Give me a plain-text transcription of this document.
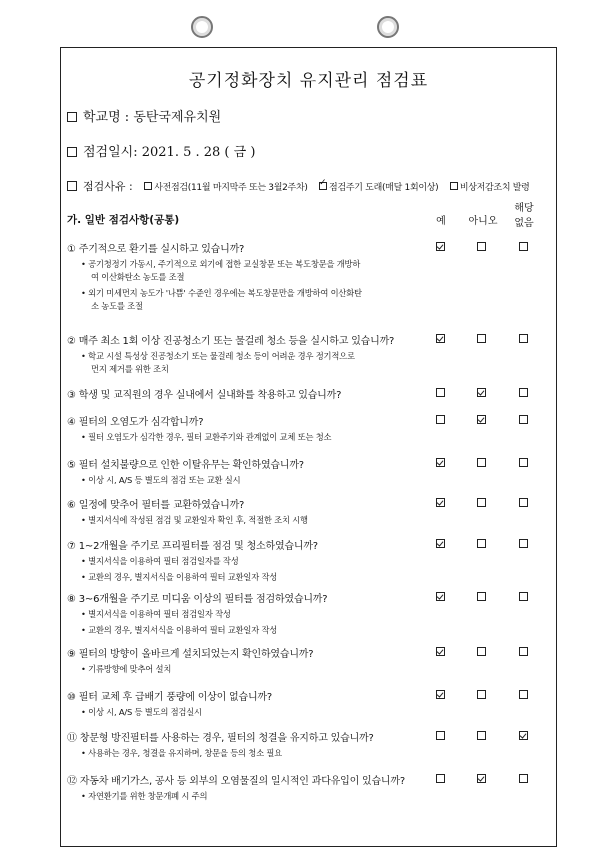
공기정화장치 유지관리 점검표
학교명 : 동탄국제유치원
점검일시: 2021. 5 . 28 ( 금 )
점검사유 : 사전점검(11월 마지막주 또는 3월2주차) ✓ 점검주기 도래(매달 1회이상) 비상저감조치 발령
가. 일반 점검사항(공통)	예	아니오
해당
없음
① 주기적으로 환기를 실시하고 있습니까?
• 공기청정기 가동시, 주기적으로 외기에 접한 교실창문 또는 복도창문을 개방하
여 이산화탄소 농도를 조절
• 외기 미세먼지 농도가 '나쁨' 수준인 경우에는 복도창문만을 개방하여 이산화탄
소 농도를 조절
② 매주 최소 1회 이상 진공청소기 또는 물걸레 청소 등을 실시하고 있습니까?
• 학교 시설 특성상 진공청소기 또는 물걸레 청소 등이 어려운 경우 정기적으로
먼지 제거를 위한 조치
③ 학생 및 교직원의 경우 실내에서 실내화를 착용하고 있습니까?
④ 필터의 오염도가 심각합니까?
• 필터 오염도가 심각한 경우, 필터 교환주기와 관계없이 교체 또는 청소
⑤ 필터 설치불량으로 인한 이탈유무는 확인하였습니까?
• 이상 시, A/S 등 별도의 점검 또는 교환 실시
⑥ 일정에 맞추어 필터를 교환하였습니까?
• 별지서식에 작성된 점검 및 교환일자 확인 후, 적절한 조치 시행
⑦ 1~2개월을 주기로 프리필터를 점검 및 청소하였습니까?
• 별지서식을 이용하여 필터 점검일자를 작성
• 교환의 경우, 별지서식을 이용하여 필터 교환일자 작성
⑧ 3~6개월을 주기로 미디움 이상의 필터를 점검하였습니까?
• 별지서식을 이용하여 필터 점검일자 작성
• 교환의 경우, 별지서식을 이용하여 필터 교환일자 작성
⑨ 필터의 방향이 올바르게 설치되었는지 확인하였습니까?
• 기류방향에 맞추어 설치
⑩ 필터 교체 후 급배기 풍량에 이상이 없습니까?
• 이상 시, A/S 등 별도의 점검실시
⑪ 창문형 방진필터를 사용하는 경우, 필터의 청결을 유지하고 있습니까?
• 사용하는 경우, 청결을 유지하며, 창문을 등의 청소 필요
⑫ 자동차 배기가스, 공사 등 외부의 오염물질의 일시적인 과다유입이 있습니까?
• 자연환기를 위한 창문개폐 시 주의
